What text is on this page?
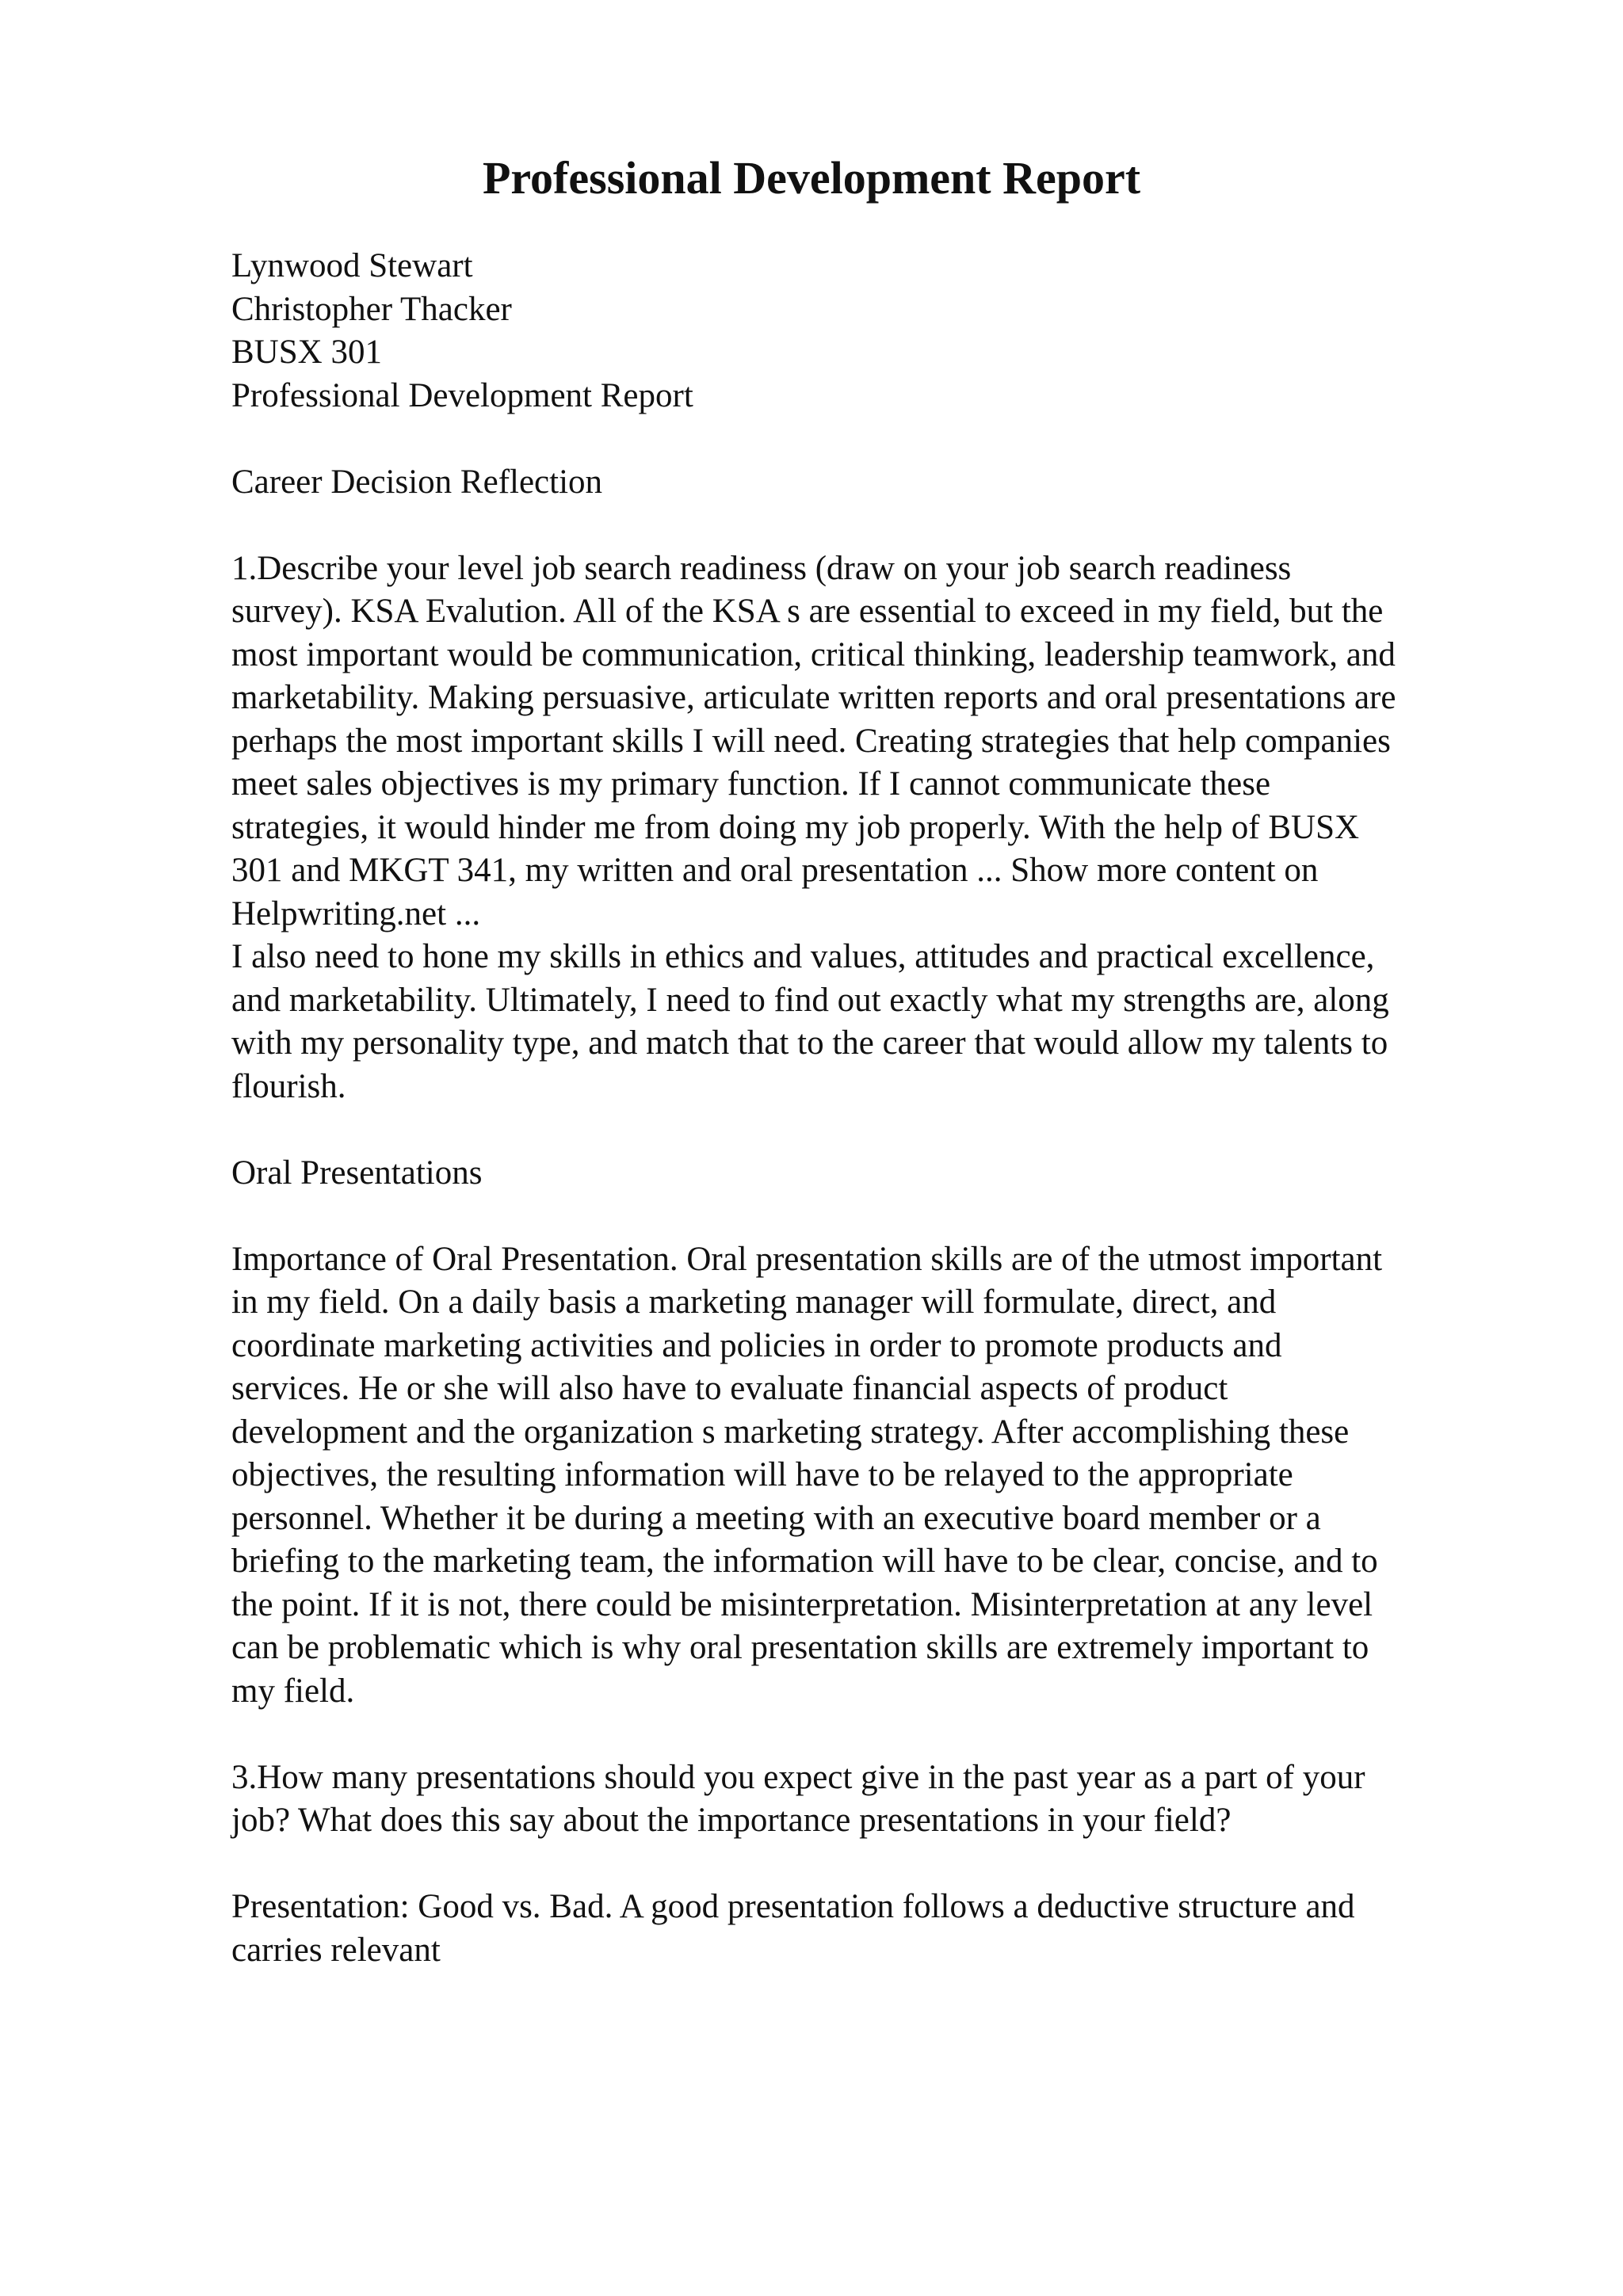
Professional Development Report
Lynwood Stewart
Christopher Thacker
BUSX 301
Professional Development Report
Career Decision Reflection
1.Describe your level job search readiness (draw on your job search readiness
survey). KSA Evalution. All of the KSA s are essential to exceed in my field, but the
most important would be communication, critical thinking, leadership teamwork, and
marketability. Making persuasive, articulate written reports and oral presentations are
perhaps the most important skills I will need. Creating strategies that help companies
meet sales objectives is my primary function. If I cannot communicate these
strategies, it would hinder me from doing my job properly. With the help of BUSX
301 and MKGT 341, my written and oral presentation ... Show more content on
Helpwriting.net ...
I also need to hone my skills in ethics and values, attitudes and practical excellence,
and marketability. Ultimately, I need to find out exactly what my strengths are, along
with my personality type, and match that to the career that would allow my talents to
flourish.
Oral Presentations
Importance of Oral Presentation. Oral presentation skills are of the utmost important
in my field. On a daily basis a marketing manager will formulate, direct, and
coordinate marketing activities and policies in order to promote products and
services. He or she will also have to evaluate financial aspects of product
development and the organization s marketing strategy. After accomplishing these
objectives, the resulting information will have to be relayed to the appropriate
personnel. Whether it be during a meeting with an executive board member or a
briefing to the marketing team, the information will have to be clear, concise, and to
the point. If it is not, there could be misinterpretation. Misinterpretation at any level
can be problematic which is why oral presentation skills are extremely important to
my field.
3.How many presentations should you expect give in the past year as a part of your
job? What does this say about the importance presentations in your field?
Presentation: Good vs. Bad. A good presentation follows a deductive structure and
carries relevant
